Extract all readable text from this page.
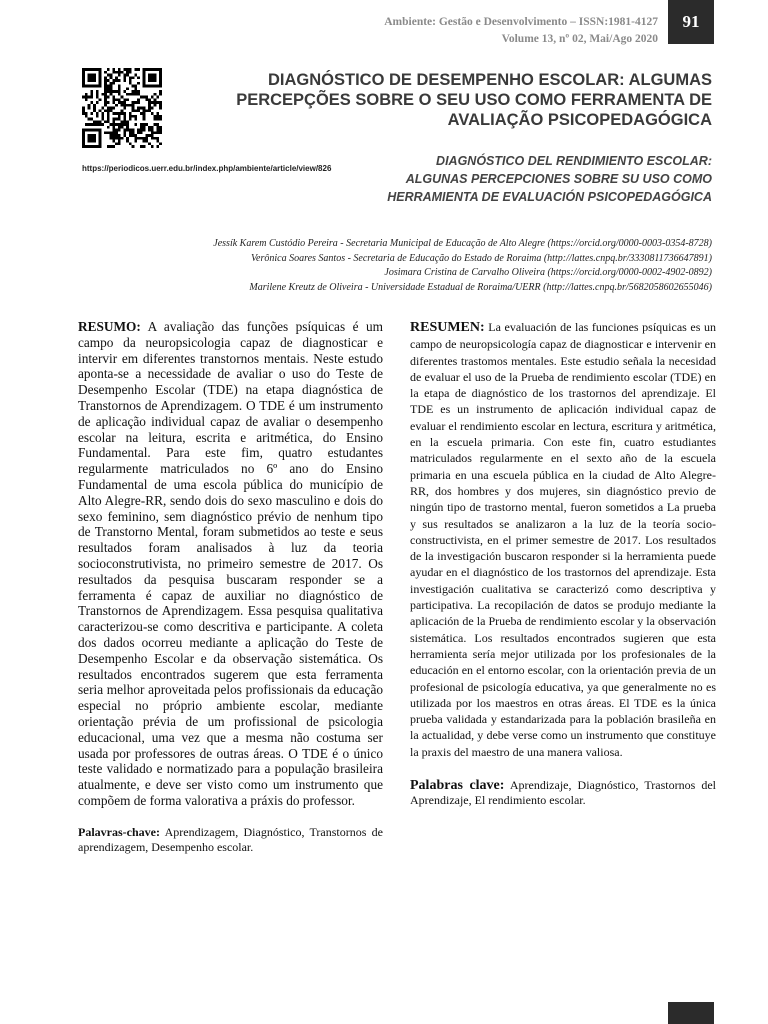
Ambiente: Gestão e Desenvolvimento – ISSN:1981-4127
Volume 13, nº 02, Mai/Ago 2020
91
DIAGNÓSTICO DE DESEMPENHO ESCOLAR: ALGUMAS PERCEPÇÕES SOBRE O SEU USO COMO FERRAMENTA DE AVALIAÇÃO PSICOPEDAGÓGICA
https://periodicos.uerr.edu.br/index.php/ambiente/article/view/826
DIAGNÓSTICO DEL RENDIMIENTO ESCOLAR: ALGUNAS PERCEPCIONES SOBRE SU USO COMO HERRAMIENTA DE EVALUACIÓN PSICOPEDAGÓGICA
Jessík Karem Custódio Pereira - Secretaria Municipal de Educação de Alto Alegre (https://orcid.org/0000-0003-0354-8728)
Verônica Soares Santos - Secretaria de Educação do Estado de Roraima (http://lattes.cnpq.br/3330811736647891)
Josimara Cristina de Carvalho Oliveira (https://orcid.org/0000-0002-4902-0892)
Marilene Kreutz de Oliveira - Universidade Estadual de Roraima/UERR (http://lattes.cnpq.br/5682058602655046)

RESUMO: A avaliação das funções psíquicas é um campo da neuropsicologia capaz de diagnosticar e intervir em diferentes transtornos mentais. Neste estudo aponta-se a necessidade de avaliar o uso do Teste de Desempenho Escolar (TDE) na etapa diagnóstica de Transtornos de Aprendizagem. O TDE é um instrumento de aplicação individual capaz de avaliar o desempenho escolar na leitura, escrita e aritmética, do Ensino Fundamental. Para este fim, quatro estudantes regularmente matriculados no 6º ano do Ensino Fundamental de uma escola pública do município de Alto Alegre-RR, sendo dois do sexo masculino e dois do sexo feminino, sem diagnóstico prévio de nenhum tipo de Transtorno Mental, foram submetidos ao teste e seus resultados foram analisados à luz da teoria socioconstrutivista, no primeiro semestre de 2017. Os resultados da pesquisa buscaram responder se a ferramenta é capaz de auxiliar no diagnóstico de Transtornos de Aprendizagem. Essa pesquisa qualitativa caracterizou-se como descritiva e participante. A coleta dos dados ocorreu mediante a aplicação do Teste de Desempenho Escolar e da observação sistemática. Os resultados encontrados sugerem que esta ferramenta seria melhor aproveitada pelos profissionais da educação especial no próprio ambiente escolar, mediante orientação prévia de um profissional de psicologia educacional, uma vez que a mesma não costuma ser usada por professores de outras áreas. O TDE é o único teste validado e normatizado para a população brasileira atualmente, e deve ser visto como um instrumento que compõem de forma valorativa a práxis do professor.

Palavras-chave: Aprendizagem, Diagnóstico, Transtornos de aprendizagem, Desempenho escolar.

RESUMEN: La evaluación de las funciones psíquicas es un campo de neuropsicología capaz de diagnosticar e intervenir en diferentes trastomos mentales. Este estudio señala la necesidad de evaluar el uso de la Prueba de rendimiento escolar (TDE) en la etapa de diagnóstico de los trastornos del aprendizaje. El TDE es un instrumento de aplicación individual capaz de evaluar el rendimiento escolar en lectura, escritura y aritmética, en la escuela primaria. Con este fin, cuatro estudiantes matriculados regularmente en el sexto año de la escuela primaria en una escuela pública en la ciudad de Alto Alegre-RR, dos hombres y dos mujeres, sin diagnóstico previo de ningún tipo de trastorno mental, fueron sometidos a La prueba y sus resultados se analizaron a la luz de la teoría socio-constructivista, en el primer semestre de 2017. Los resultados de la investigación buscaron responder si la herramienta puede ayudar en el diagnóstico de los trastornos del aprendizaje. Esta investigación cualitativa se caracterizó como descriptiva y participativa. La recopilación de datos se produjo mediante la aplicación de la Prueba de rendimiento escolar y la observación sistemática. Los resultados encontrados sugieren que esta herramienta sería mejor utilizada por los profesionales de la educación en el entorno escolar, con la orientación previa de un profesional de psicología educativa, ya que generalmente no es utilizada por los maestros en otras áreas. El TDE es la única prueba validada y estandarizada para la población brasileña en la actualidad, y debe verse como un instrumento que constituye la praxis del maestro de una manera valiosa.

Palabras clave: Aprendizaje, Diagnóstico, Trastornos del Aprendizaje, El rendimiento escolar.
